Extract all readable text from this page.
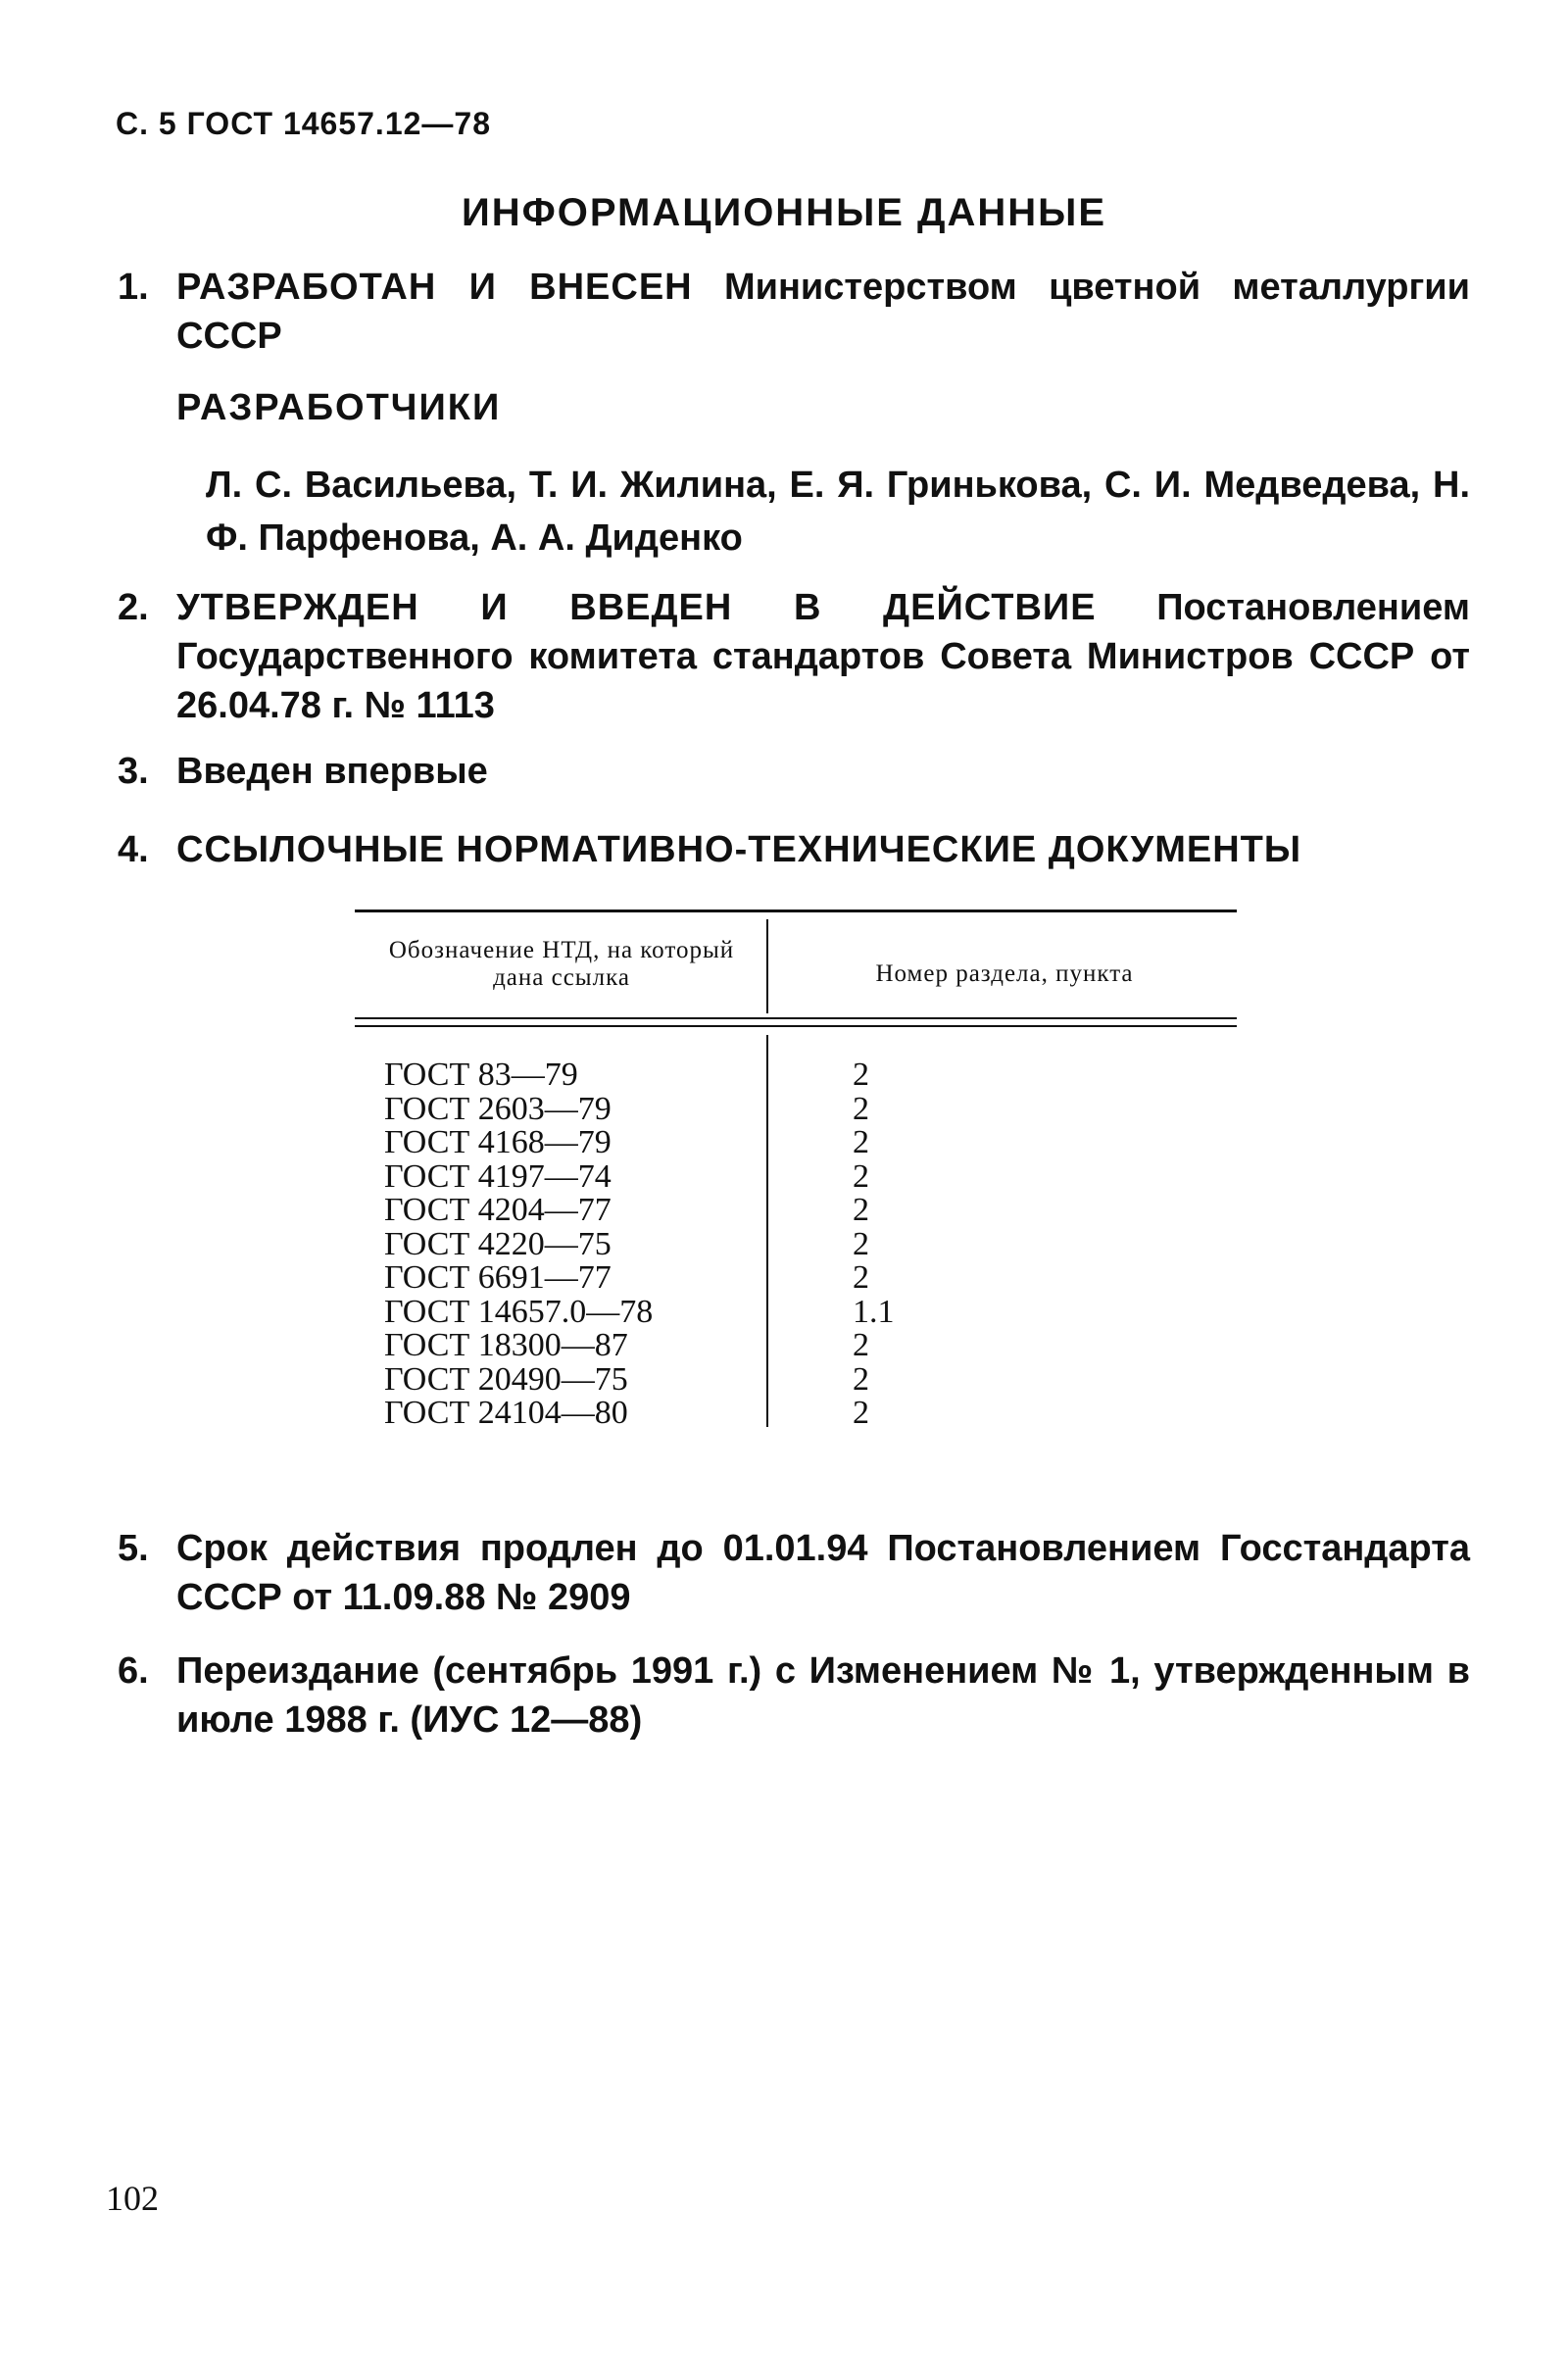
С. 5 ГОСТ 14657.12—78
ИНФОРМАЦИОННЫЕ ДАННЫЕ
1. РАЗРАБОТАН И ВНЕСЕН Министерством цветной металлургии СССР
РАЗРАБОТЧИКИ
Л. С. Васильева, Т. И. Жилина, Е. Я. Гринькова, С. И. Медведева, Н. Ф. Парфенова, А. А. Диденко
2. УТВЕРЖДЕН И ВВЕДЕН В ДЕЙСТВИЕ Постановлением Государственного комитета стандартов Совета Министров СССР от 26.04.78 г. № 1113
3. Введен впервые
4. ССЫЛОЧНЫЕ НОРМАТИВНО-ТЕХНИЧЕСКИЕ ДОКУМЕНТЫ
Обозначение НТД, на который дана ссылка	Номер раздела, пункта
ГОСТ 83—79
ГОСТ 2603—79
ГОСТ 4168—79
ГОСТ 4197—74
ГОСТ 4204—77
ГОСТ 4220—75
ГОСТ 6691—77
ГОСТ 14657.0—78
ГОСТ 18300—87
ГОСТ 20490—75
ГОСТ 24104—80
2
2
2
2
2
2
2
1.1
2
2
2
5. Срок действия продлен до 01.01.94 Постановлением Госстандарта СССР от 11.09.88 № 2909
6. Переиздание (сентябрь 1991 г.) с Изменением № 1, утвержденным в июле 1988 г. (ИУС 12—88)
102
